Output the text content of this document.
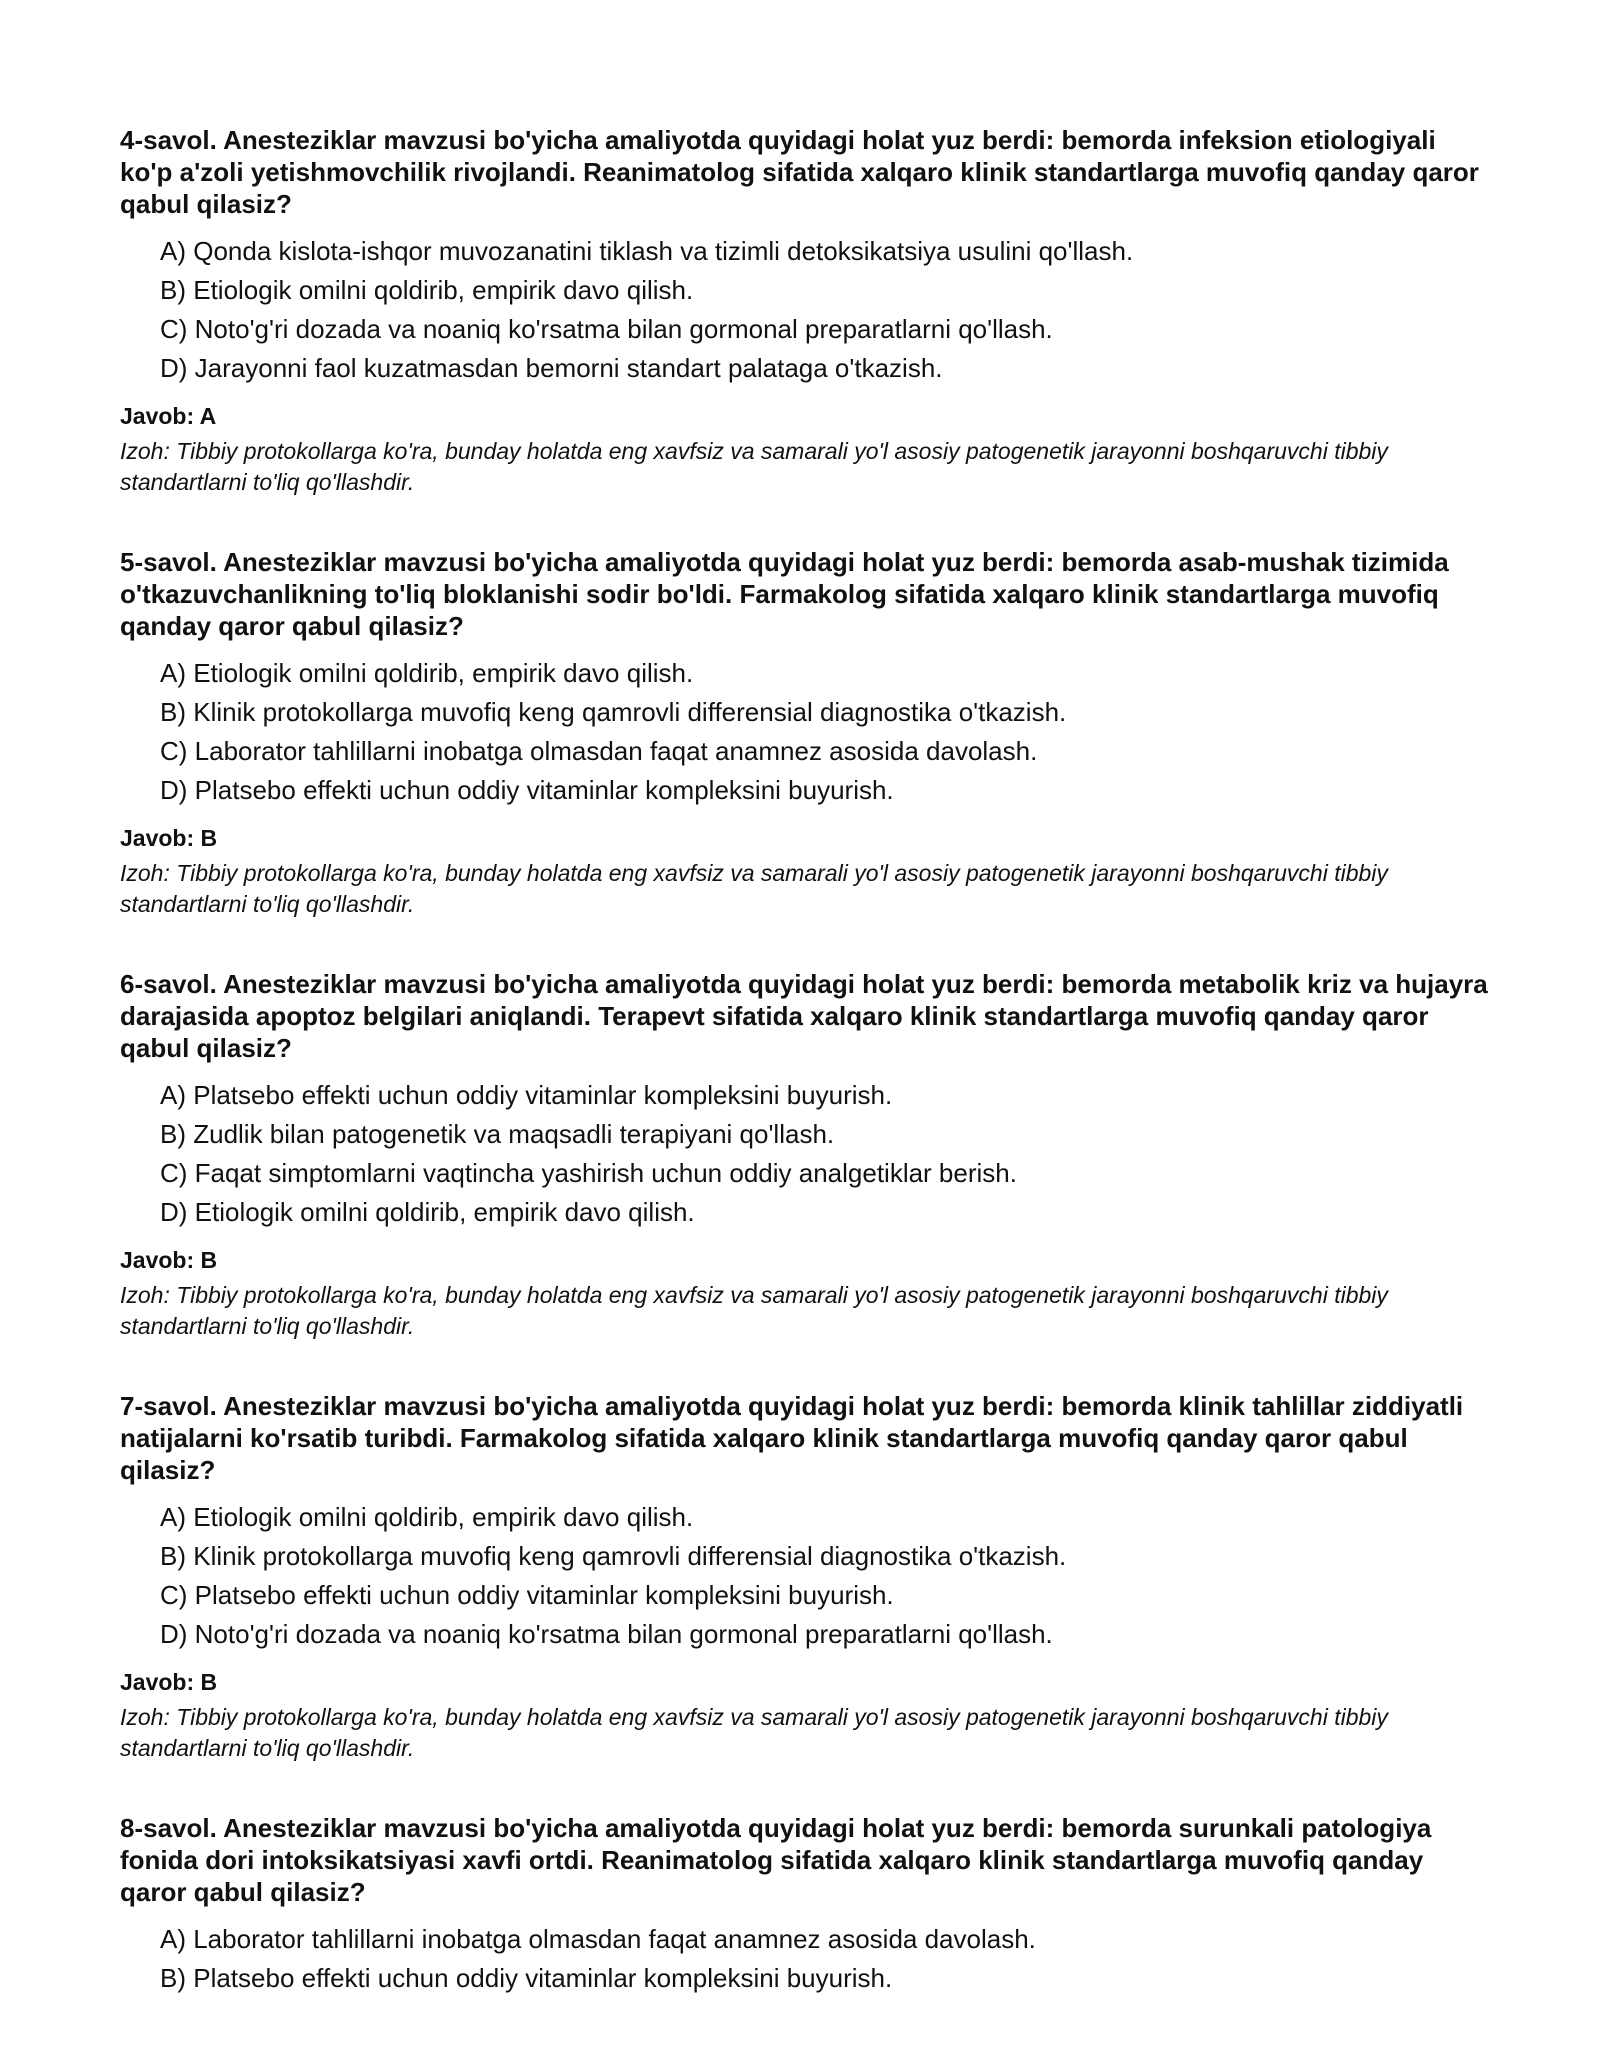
4-savol. Anesteziklar mavzusi bo'yicha amaliyotda quyidagi holat yuz berdi: bemorda infeksion etiologiyali ko'p a'zoli yetishmovchilik rivojlandi. Reanimatolog sifatida xalqaro klinik standartlarga muvofiq qanday qaror qabul qilasiz?

A) Qonda kislota-ishqor muvozanatini tiklash va tizimli detoksikatsiya usulini qo'llash.
B) Etiologik omilni qoldirib, empirik davo qilish.
C) Noto'g'ri dozada va noaniq ko'rsatma bilan gormonal preparatlarni qo'llash.
D) Jarayonni faol kuzatmasdan bemorni standart palataga o'tkazish.

Javob: A

Izoh: Tibbiy protokollarga ko'ra, bunday holatda eng xavfsiz va samarali yo'l asosiy patogenetik jarayonni boshqaruvchi tibbiy standartlarni to'liq qo'llashdir.

5-savol. Anesteziklar mavzusi bo'yicha amaliyotda quyidagi holat yuz berdi: bemorda asab-mushak tizimida o'tkazuvchanlikning to'liq bloklanishi sodir bo'ldi. Farmakolog sifatida xalqaro klinik standartlarga muvofiq qanday qaror qabul qilasiz?

A) Etiologik omilni qoldirib, empirik davo qilish.
B) Klinik protokollarga muvofiq keng qamrovli differensial diagnostika o'tkazish.
C) Laborator tahlillarni inobatga olmasdan faqat anamnez asosida davolash.
D) Platsebo effekti uchun oddiy vitaminlar kompleksini buyurish.

Javob: B

Izoh: Tibbiy protokollarga ko'ra, bunday holatda eng xavfsiz va samarali yo'l asosiy patogenetik jarayonni boshqaruvchi tibbiy standartlarni to'liq qo'llashdir.

6-savol. Anesteziklar mavzusi bo'yicha amaliyotda quyidagi holat yuz berdi: bemorda metabolik kriz va hujayra darajasida apoptoz belgilari aniqlandi. Terapevt sifatida xalqaro klinik standartlarga muvofiq qanday qaror qabul qilasiz?

A) Platsebo effekti uchun oddiy vitaminlar kompleksini buyurish.
B) Zudlik bilan patogenetik va maqsadli terapiyani qo'llash.
C) Faqat simptomlarni vaqtincha yashirish uchun oddiy analgetiklar berish.
D) Etiologik omilni qoldirib, empirik davo qilish.

Javob: B

Izoh: Tibbiy protokollarga ko'ra, bunday holatda eng xavfsiz va samarali yo'l asosiy patogenetik jarayonni boshqaruvchi tibbiy standartlarni to'liq qo'llashdir.

7-savol. Anesteziklar mavzusi bo'yicha amaliyotda quyidagi holat yuz berdi: bemorda klinik tahlillar ziddiyatli natijalarni ko'rsatib turibdi. Farmakolog sifatida xalqaro klinik standartlarga muvofiq qanday qaror qabul qilasiz?

A) Etiologik omilni qoldirib, empirik davo qilish.
B) Klinik protokollarga muvofiq keng qamrovli differensial diagnostika o'tkazish.
C) Platsebo effekti uchun oddiy vitaminlar kompleksini buyurish.
D) Noto'g'ri dozada va noaniq ko'rsatma bilan gormonal preparatlarni qo'llash.

Javob: B

Izoh: Tibbiy protokollarga ko'ra, bunday holatda eng xavfsiz va samarali yo'l asosiy patogenetik jarayonni boshqaruvchi tibbiy standartlarni to'liq qo'llashdir.

8-savol. Anesteziklar mavzusi bo'yicha amaliyotda quyidagi holat yuz berdi: bemorda surunkali patologiya fonida dori intoksikatsiyasi xavfi ortdi. Reanimatolog sifatida xalqaro klinik standartlarga muvofiq qanday qaror qabul qilasiz?

A) Laborator tahlillarni inobatga olmasdan faqat anamnez asosida davolash.
B) Platsebo effekti uchun oddiy vitaminlar kompleksini buyurish.
